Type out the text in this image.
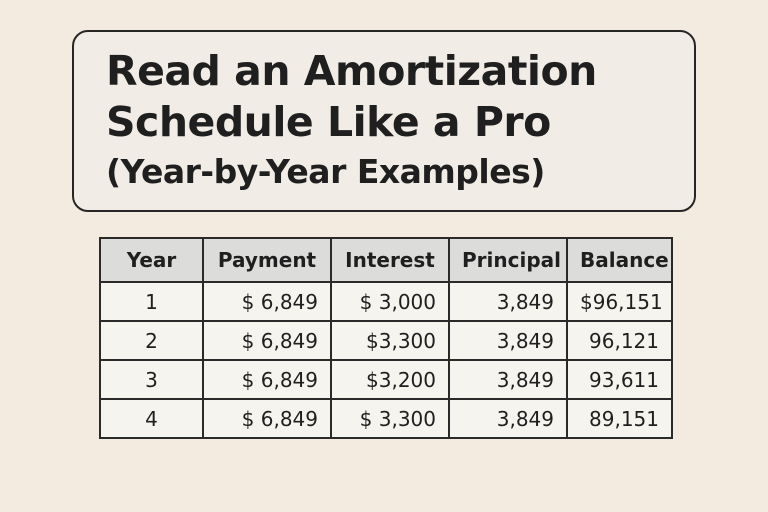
Read an Amortization

Schedule Like a Pro

(Year-by-Year Examples)

Year	Payment	Interest	Principal	Balance
1	$ 6,849	$ 3,000	3,849	$96,151
2	$ 6,849	$3,300	3,849	96,121
3	$ 6,849	$3,200	3,849	93,611
4	$ 6,849	$ 3,300	3,849	89,151
